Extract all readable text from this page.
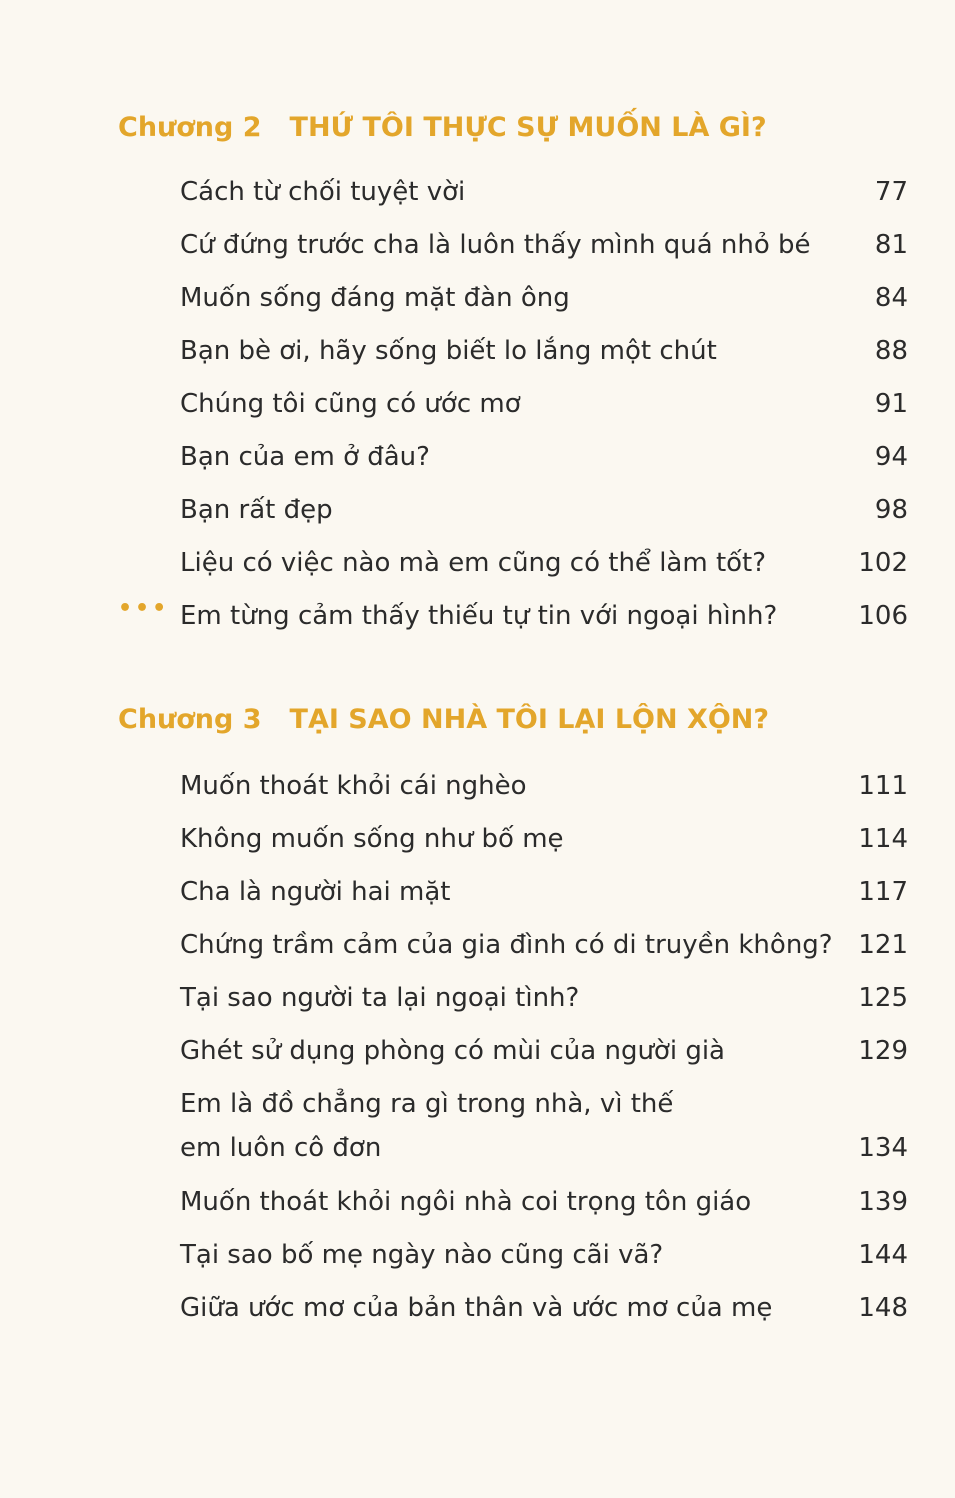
Chương 2 THỨ TÔI THỰC SỰ MUỐN LÀ GÌ?
Cách từ chối tuyệt vời	77
Cứ đứng trước cha là luôn thấy mình quá nhỏ bé 81
Muốn sống đáng mặt đàn ông	84
Bạn bè ơi, hãy sống biết lo lắng một chút	88
Chúng tôi cũng có ước mơ	91
Bạn của em ở đâu?	94
Bạn rất đẹp	98
Liệu có việc nào mà em cũng có thể làm tốt?	102
••• Em từng cảm thấy thiếu tự tin với ngoại hình?	106
Chương 3 TẠI SAO NHÀ TÔI LẠI LỘN XỘN?
Muốn thoát khỏi cái nghèo	111
Không muốn sống như bố mẹ	114
Cha là người hai mặt	117
Chứng trầm cảm của gia đình có di truyền không? 121
Tại sao người ta lại ngoại tình?	125
Ghét sử dụng phòng có mùi của người già	129
Em là đồ chẳng ra gì trong nhà, vì thế
em luôn cô đơn	134
Muốn thoát khỏi ngôi nhà coi trọng tôn giáo	139
Tại sao bố mẹ ngày nào cũng cãi vã?	144
Giữa ước mơ của bản thân và ước mơ của mẹ	148
